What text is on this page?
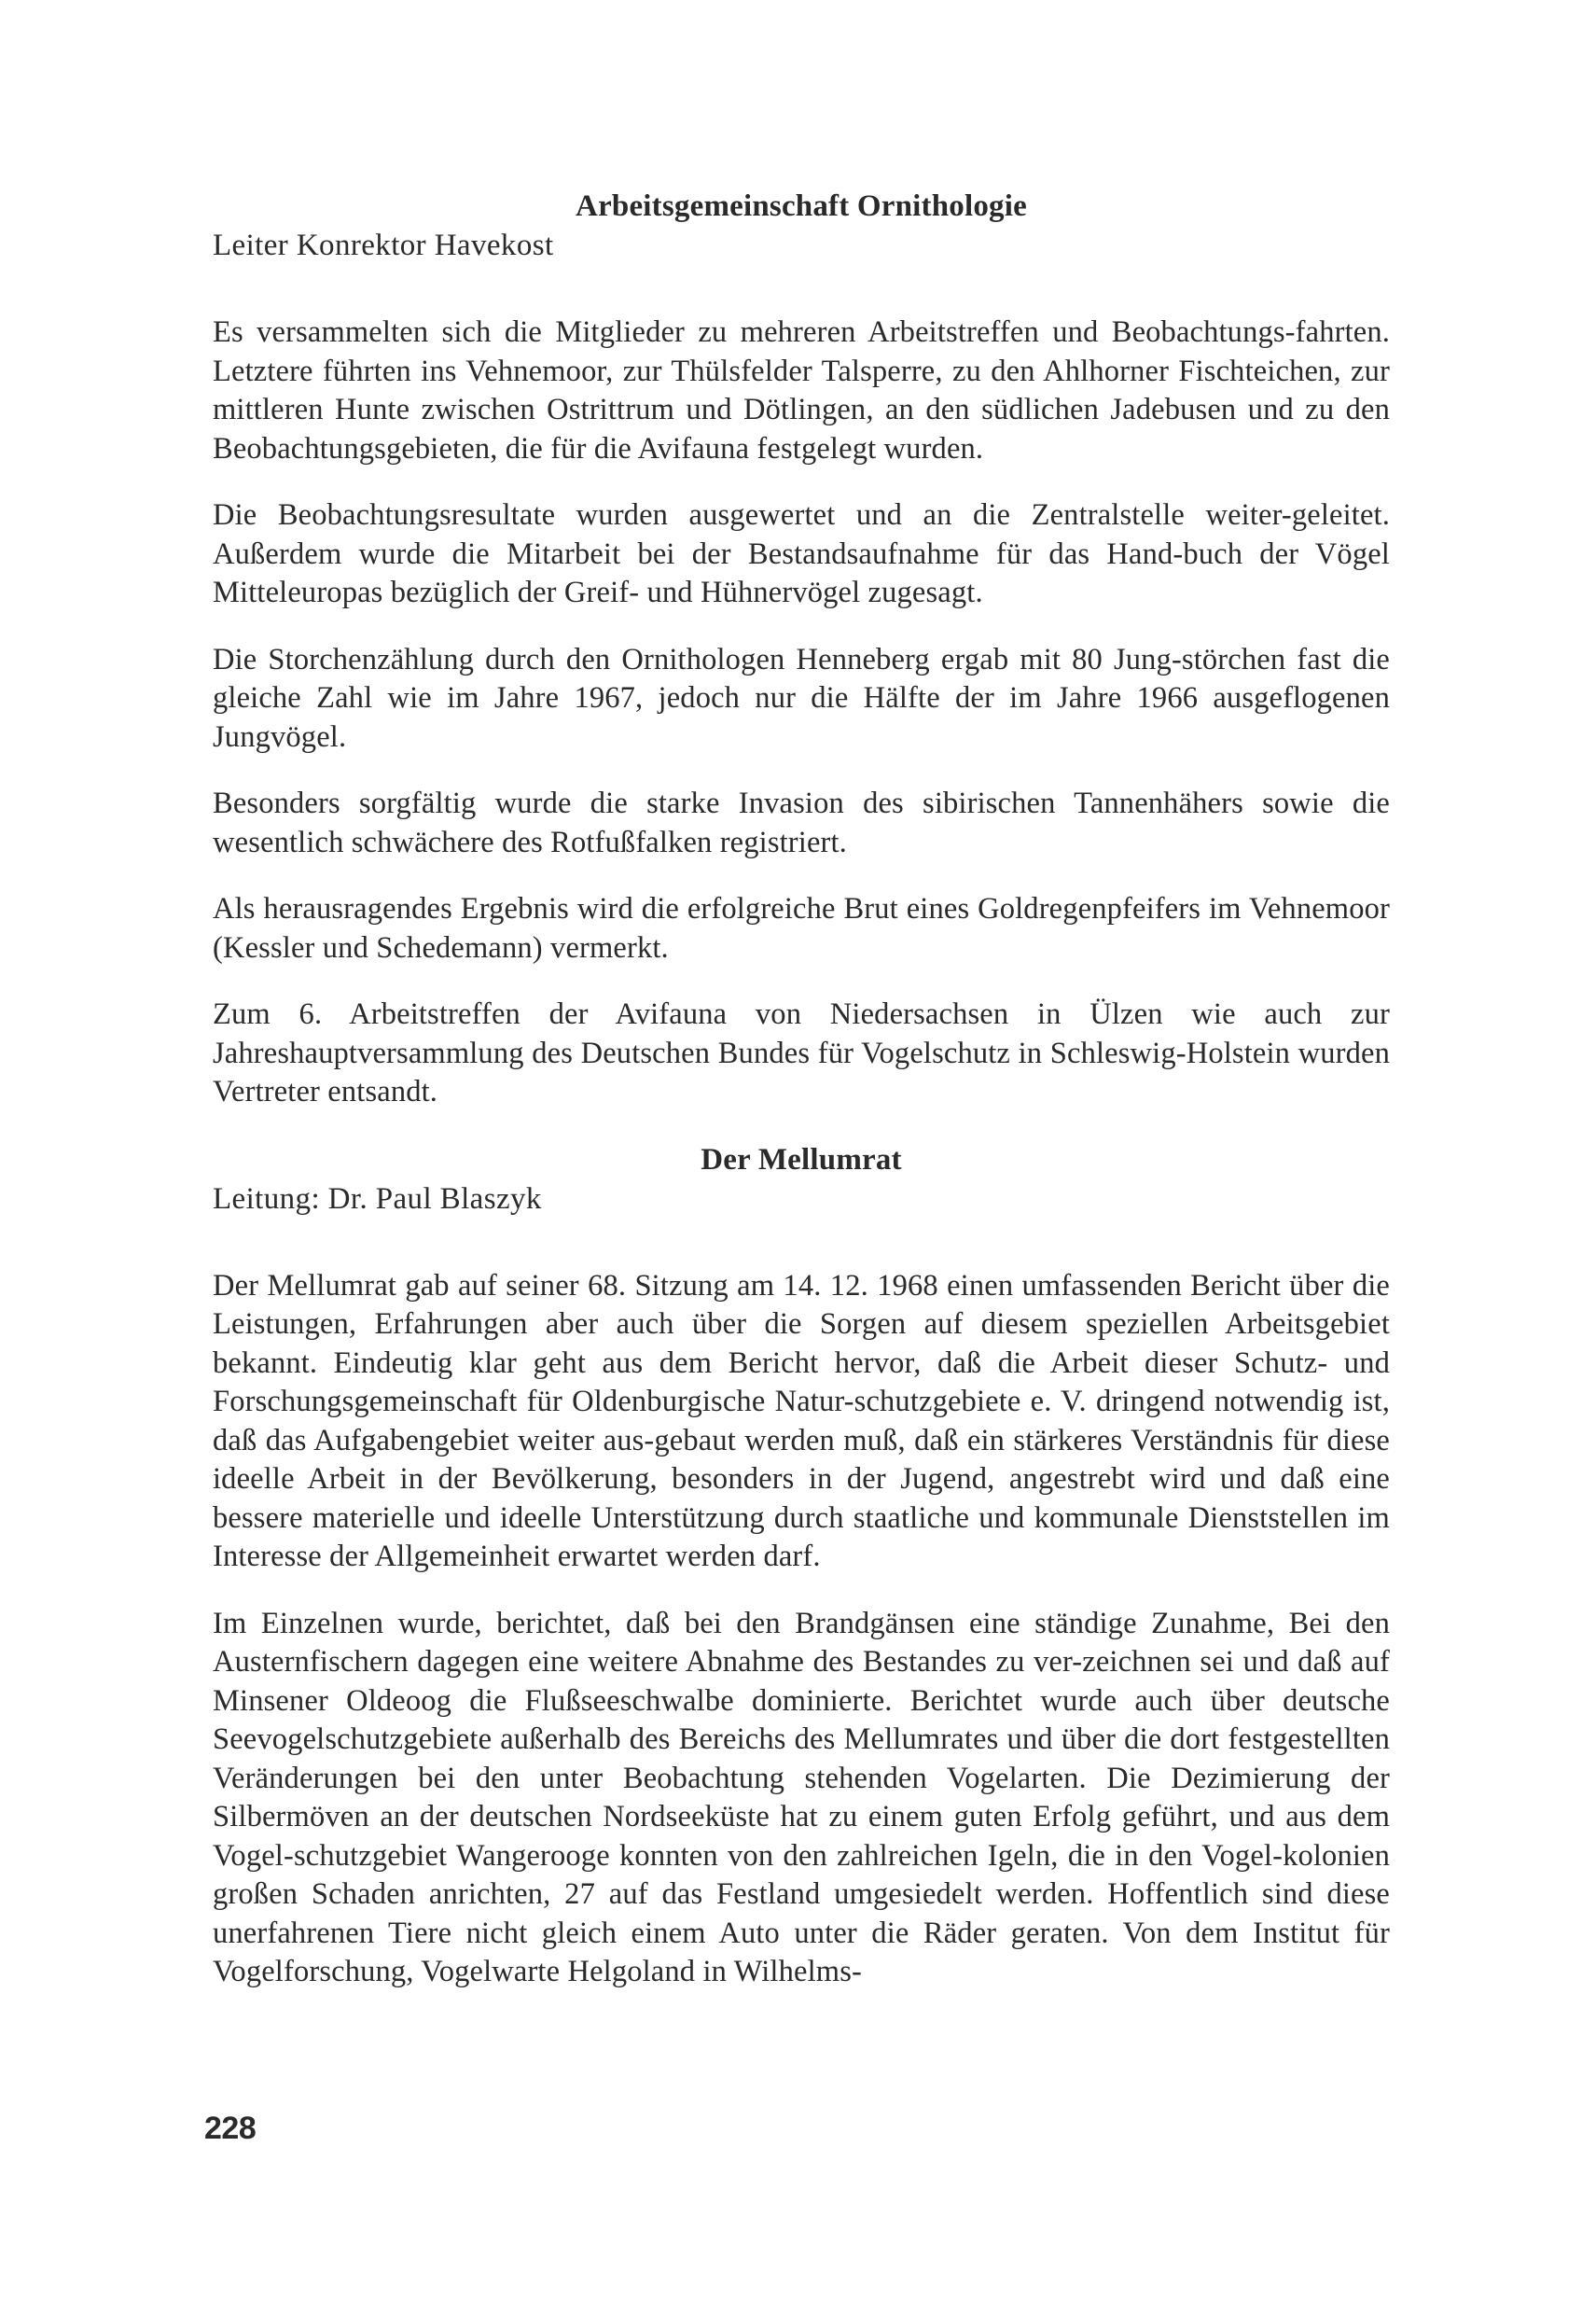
Arbeitsgemeinschaft Ornithologie
Leiter Konrektor Havekost

Es versammelten sich die Mitglieder zu mehreren Arbeitstreffen und Beobachtungs-fahrten. Letztere führten ins Vehnemoor, zur Thülsfelder Talsperre, zu den Ahlhorner Fischteichen, zur mittleren Hunte zwischen Ostrittrum und Dötlingen, an den südlichen Jadebusen und zu den Beobachtungsgebieten, die für die Avifauna festgelegt wurden.

Die Beobachtungsresultate wurden ausgewertet und an die Zentralstelle weiter-geleitet. Außerdem wurde die Mitarbeit bei der Bestandsaufnahme für das Hand-buch der Vögel Mitteleuropas bezüglich der Greif- und Hühnervögel zugesagt.

Die Storchenzählung durch den Ornithologen Henneberg ergab mit 80 Jung-störchen fast die gleiche Zahl wie im Jahre 1967, jedoch nur die Hälfte der im Jahre 1966 ausgeflogenen Jungvögel.

Besonders sorgfältig wurde die starke Invasion des sibirischen Tannenhähers sowie die wesentlich schwächere des Rotfußfalken registriert.

Als herausragendes Ergebnis wird die erfolgreiche Brut eines Goldregenpfeifers im Vehnemoor (Kessler und Schedemann) vermerkt.

Zum 6. Arbeitstreffen der Avifauna von Niedersachsen in Ülzen wie auch zur Jahreshauptversammlung des Deutschen Bundes für Vogelschutz in Schleswig-Holstein wurden Vertreter entsandt.

Der Mellumrat
Leitung: Dr. Paul Blaszyk

Der Mellumrat gab auf seiner 68. Sitzung am 14. 12. 1968 einen umfassenden Bericht über die Leistungen, Erfahrungen aber auch über die Sorgen auf diesem speziellen Arbeitsgebiet bekannt. Eindeutig klar geht aus dem Bericht hervor, daß die Arbeit dieser Schutz- und Forschungsgemeinschaft für Oldenburgische Natur-schutzgebiete e. V. dringend notwendig ist, daß das Aufgabengebiet weiter aus-gebaut werden muß, daß ein stärkeres Verständnis für diese ideelle Arbeit in der Bevölkerung, besonders in der Jugend, angestrebt wird und daß eine bessere materielle und ideelle Unterstützung durch staatliche und kommunale Dienststellen im Interesse der Allgemeinheit erwartet werden darf.

Im Einzelnen wurde, berichtet, daß bei den Brandgänsen eine ständige Zunahme, Bei den Austernfischern dagegen eine weitere Abnahme des Bestandes zu ver-zeichnen sei und daß auf Minsener Oldeoog die Flußseeschwalbe dominierte. Berichtet wurde auch über deutsche Seevogelschutzgebiete außerhalb des Bereichs des Mellumrates und über die dort festgestellten Veränderungen bei den unter Beobachtung stehenden Vogelarten. Die Dezimierung der Silbermöven an der deutschen Nordseeküste hat zu einem guten Erfolg geführt, und aus dem Vogel-schutzgebiet Wangerooge konnten von den zahlreichen Igeln, die in den Vogel-kolonien großen Schaden anrichten, 27 auf das Festland umgesiedelt werden. Hoffentlich sind diese unerfahrenen Tiere nicht gleich einem Auto unter die Räder geraten. Von dem Institut für Vogelforschung, Vogelwarte Helgoland in Wilhelms-

228
